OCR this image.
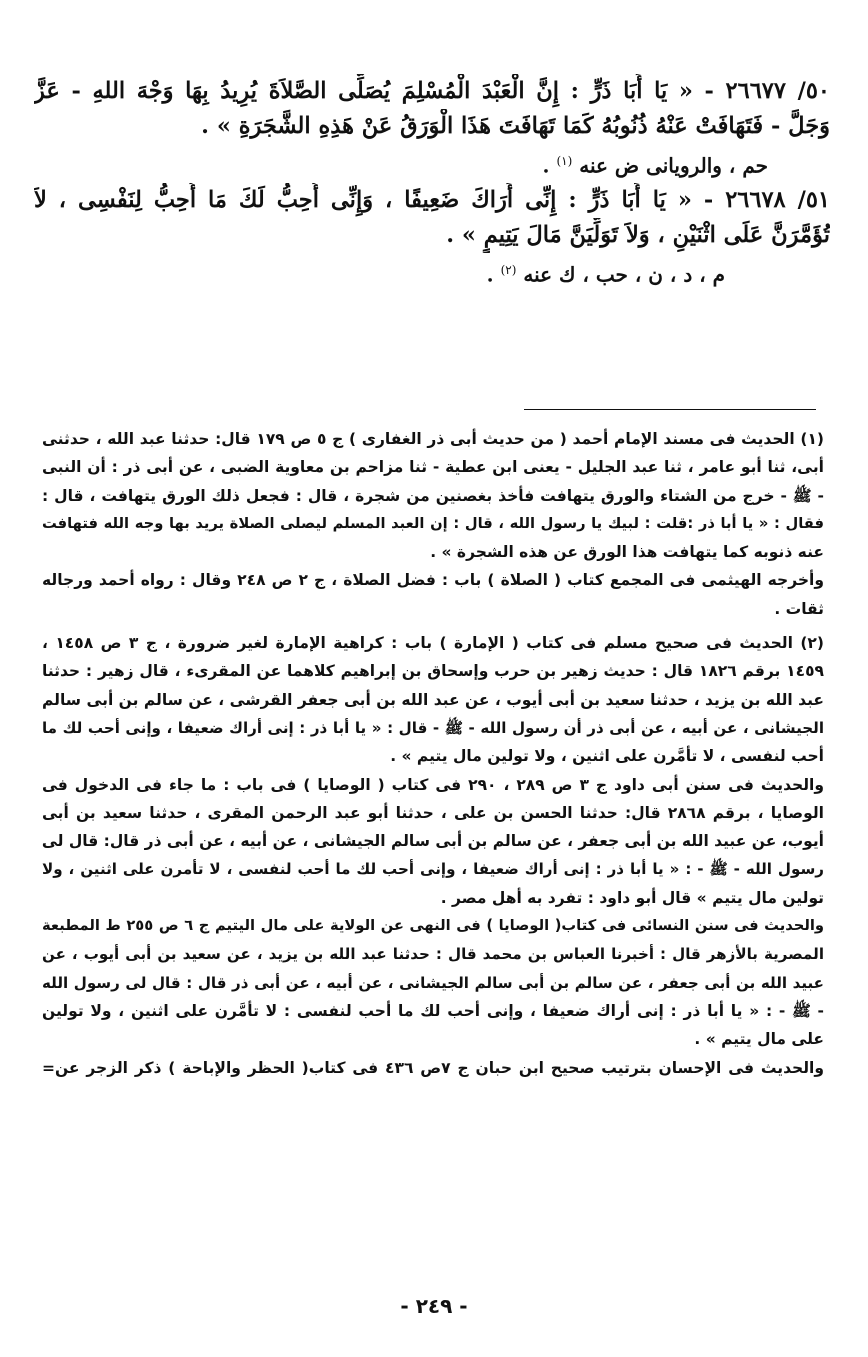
٥٠/ ٢٦٦٧٧ - « يَا أَبَا ذَرٍّ : إِنَّ الْعَبْدَ الْمُسْلِمَ يُصَلِّى الصَّلاَةَ يُرِيدُ بِهَا وَجْهَ اللهِ - عَزَّ

وَجَلَّ - فَتَهَافَتْ عَنْهُ ذُنُوبُهُ كَمَا تَهَافَتَ هَذَا الْوَرَقُ عَنْ هَذِهِ الشَّجَرَةِ » .

حم ، والرويانى ض عنه $^{(١)}$ .

٥١/ ٢٦٦٧٨ - « يَا أَبَا ذَرٍّ : إِنِّى أَرَاكَ ضَعِيفًا ، وَإِنِّى أُحِبُّ لَكَ مَا أُحِبُّ لِنَفْسِى ، لاَ

تُؤَمَّرَنَّ عَلَى اثْنَيْنِ ، وَلاَ تَوَلِّيَنَّ مَالَ يَتِيمٍ » .

م ، د ، ن ، حب ، ك عنه $^{(٢)}$ .

(١) الحديث فى مسند الإمام أحمد ( من حديث أبى ذر الغفارى ) ج ٥ ص ١٧٩ قال: حدثنا عبد الله ، حدثنى

أبى، ثنا أبو عامر ، ثنا عبد الجليل - يعنى ابن عطية - ثنا مزاحم بن معاوية الضبى ، عن أبى ذر : أن النبى

- ﷺ - خرج من الشتاء والورق يتهافت فأخذ بغصنين من شجرة ، قال : فجعل ذلك الورق يتهافت ، قال :

فقال : « يا أبا ذر :قلت : لبيك يا رسول الله ، قال : إن العبد المسلم ليصلى الصلاة يريد بها وجه الله فتهافت

عنه ذنوبه كما يتهافت هذا الورق عن هذه الشجرة » .

وأخرجه الهيثمى فى المجمع كتاب ( الصلاة ) باب : فضل الصلاة ، ج ٢ ص ٢٤٨ وقال : رواه أحمد ورجاله

ثقات .

(٢) الحديث فى صحيح مسلم فى كتاب ( الإمارة ) باب : كراهية الإمارة لغير ضرورة ، ج ٣ ص ١٤٥٨ ،

١٤٥٩ برقم ١٨٢٦ قال : حديث زهير بن حرب وإسحاق بن إبراهيم كلاهما عن المقرىء ، قال زهير : حدثنا

عبد الله بن يزيد ، حدثنا سعيد بن أبى أيوب ، عن عبد الله بن أبى جعفر القرشى ، عن سالم بن أبى سالم

الجيشانى ، عن أبيه ، عن أبى ذر أن رسول الله - ﷺ - قال : « يا أبا ذر : إنى أراك ضعيفا ، وإنى أحب لك ما

أحب لنفسى ، لا تأمَّرن على اثنين ، ولا تولين مال يتيم » .

والحديث فى سنن أبى داود ج ٣ ص ٢٨٩ ، ٢٩٠ فى كتاب ( الوصايا ) فى باب : ما جاء فى الدخول فى

الوصايا ، برقم ٢٨٦٨ قال: حدثنا الحسن بن على ، حدثنا أبو عبد الرحمن المقرى ، حدثنا سعيد بن أبى

أيوب، عن عبيد الله بن أبى جعفر ، عن سالم بن أبى سالم الجيشانى ، عن أبيه ، عن أبى ذر قال: قال لى

رسول الله - ﷺ - : « يا أبا ذر : إنى أراك ضعيفا ، وإنى أحب لك ما أحب لنفسى ، لا تأمرن على اثنين ، ولا

تولين مال يتيم » قال أبو داود : تفرد به أهل مصر .

والحديث فى سنن النسائى فى كتاب( الوصايا ) فى النهى عن الولاية على مال اليتيم ج ٦ ص ٢٥٥ ط المطبعة

المصرية بالأزهر قال : أخبرنا العباس بن محمد قال : حدثنا عبد الله بن يزيد ، عن سعيد بن أبى أيوب ، عن

عبيد الله بن أبى جعفر ، عن سالم بن أبى سالم الجيشانى ، عن أبيه ، عن أبى ذر قال : قال لى رسول الله

- ﷺ - : « يا أبا ذر : إنى أراك ضعيفا ، وإنى أحب لك ما أحب لنفسى : لا تأمَّرن على اثنين ، ولا تولين

على مال يتيم » .

والحديث فى الإحسان بترتيب صحيح ابن حبان ج ٧ص ٤٣٦ فى كتاب( الحظر والإباحة ) ذكر الزجر عن=

- ٢٤٩ -
